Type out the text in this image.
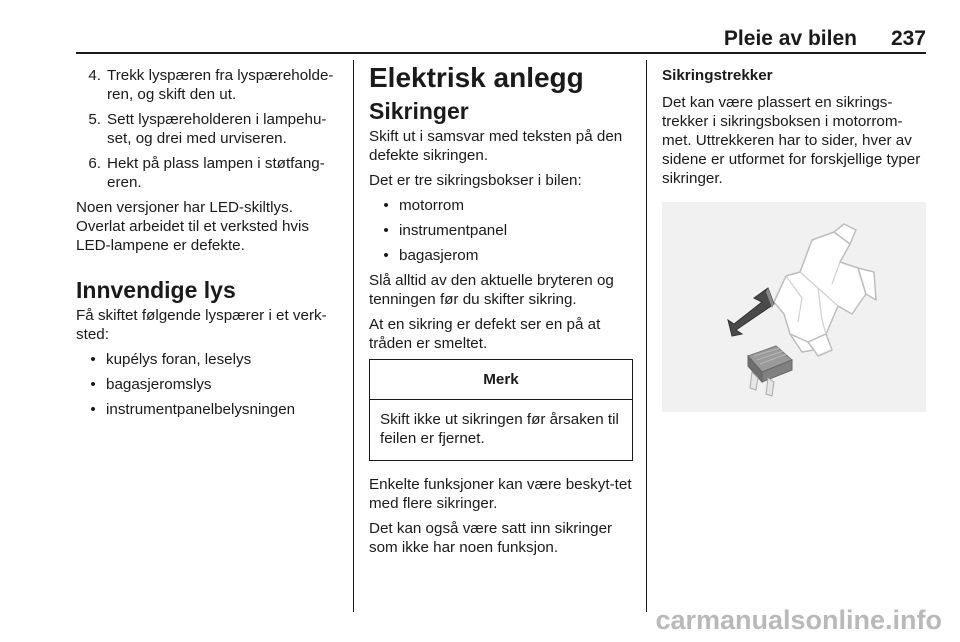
Pleie av bilen 237
4. Trekk lyspæren fra lyspæreholde-ren, og skift den ut.
5. Sett lyspæreholderen i lampehu-set, og drei med urviseren.
6. Hekt på plass lampen i støtfang-eren.

Noen versjoner har LED-skiltlys. Overlat arbeidet til et verksted hvis LED-lampene er defekte.

Innvendige lys

Få skiftet følgende lyspærer i et verk-sted:

• kupélys foran, leselys
• bagasjeromslys
• instrumentpanelbelysningen
Elektrisk anlegg
Sikringer

Skift ut i samsvar med teksten på den defekte sikringen.

Det er tre sikringsbokser i bilen:

• motorrom
• instrumentpanel
• bagasjerom

Slå alltid av den aktuelle bryteren og tenningen før du skifter sikring.

At en sikring er defekt ser en på at tråden er smeltet.

Merk
Skift ikke ut sikringen før årsaken til feilen er fjernet.

Enkelte funksjoner kan være beskyt-tet med flere sikringer.

Det kan også være satt inn sikringer som ikke har noen funksjon.

Sikringstrekker

Det kan være plassert en sikrings-trekker i sikringsboksen i motorrom-met. Uttrekkeren har to sider, hver av sidene er utformet for forskjellige typer sikringer.

carmanualsonline.info
